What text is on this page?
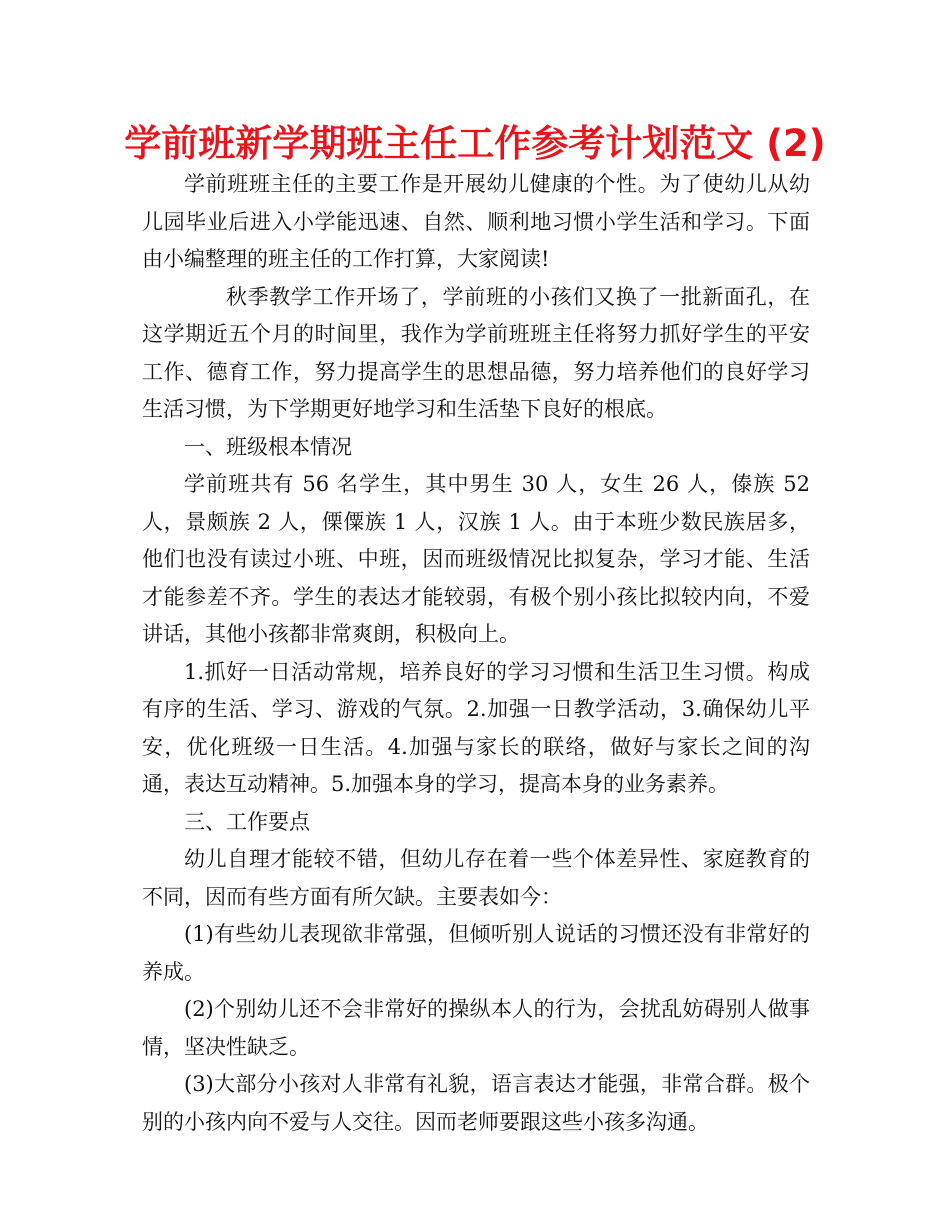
学前班新学期班主任工作参考计划范文 (2)

学前班班主任的主要工作是开展幼儿健康的个性。为了使幼儿从幼儿园毕业后进入小学能迅速、自然、顺利地习惯小学生活和学习。下面由小编整理的班主任的工作打算，大家阅读!

秋季教学工作开场了，学前班的小孩们又换了一批新面孔，在这学期近五个月的时间里，我作为学前班班主任将努力抓好学生的平安工作、德育工作，努力提高学生的思想品德，努力培养他们的良好学习生活习惯，为下学期更好地学习和生活垫下良好的根底。

一、班级根本情况

学前班共有 56 名学生，其中男生 30 人，女生 26 人，傣族 52 人，景颇族 2 人，傈僳族 1 人，汉族 1 人。由于本班少数民族居多，他们也没有读过小班、中班，因而班级情况比拟复杂，学习才能、生活才能参差不齐。学生的表达才能较弱，有极个别小孩比拟较内向，不爱讲话，其他小孩都非常爽朗，积极向上。

1.抓好一日活动常规，培养良好的学习习惯和生活卫生习惯。构成有序的生活、学习、游戏的气氛。2.加强一日教学活动，3.确保幼儿平安，优化班级一日生活。4.加强与家长的联络，做好与家长之间的沟通，表达互动精神。5.加强本身的学习，提高本身的业务素养。

三、工作要点

幼儿自理才能较不错，但幼儿存在着一些个体差异性、家庭教育的不同，因而有些方面有所欠缺。主要表如今：

(1)有些幼儿表现欲非常强，但倾听别人说话的习惯还没有非常好的养成。

(2)个别幼儿还不会非常好的操纵本人的行为，会扰乱妨碍别人做事情，坚决性缺乏。

(3)大部分小孩对人非常有礼貌，语言表达才能强，非常合群。极个别的小孩内向不爱与人交往。因而老师要跟这些小孩多沟通。
